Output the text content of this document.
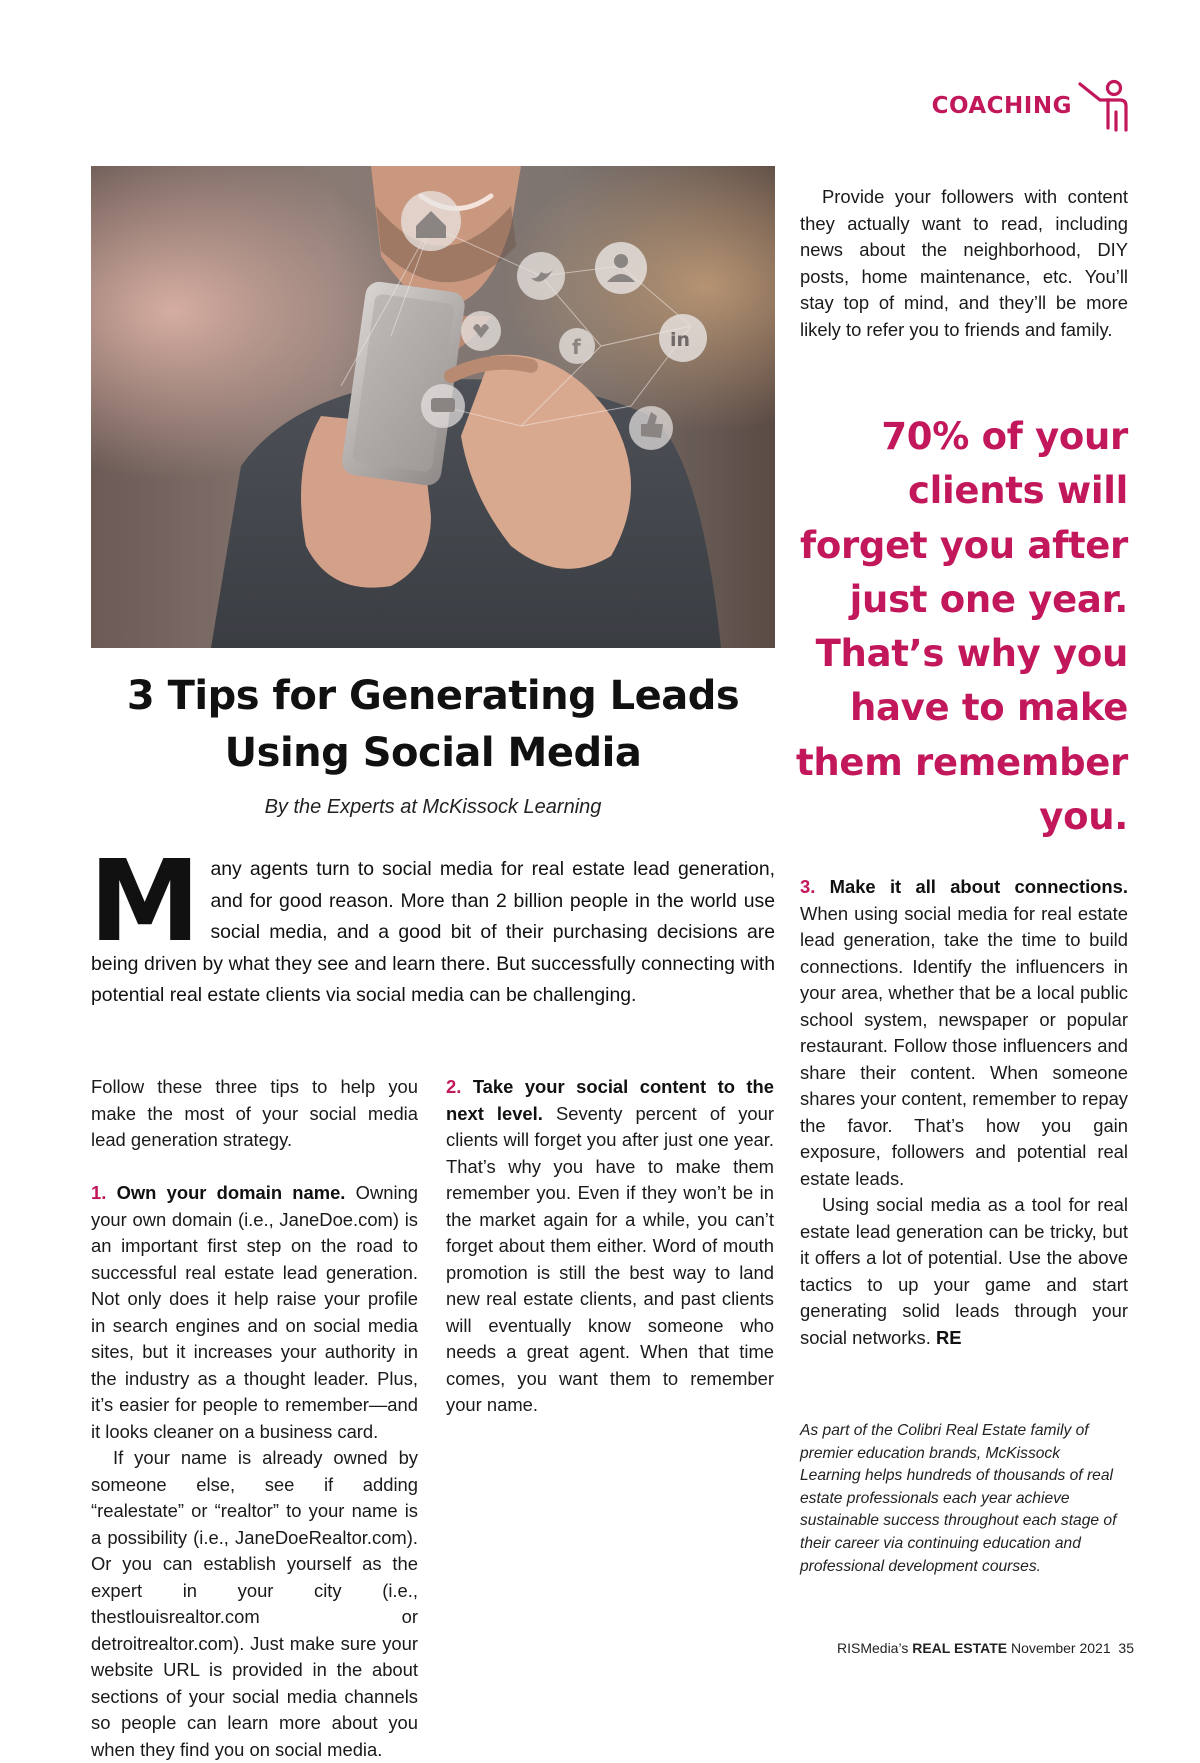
COACHING
f	in
3 Tips for Generating Leads Using Social Media
By the Experts at McKissock Learning

Many agents turn to social media for real estate lead generation, and for good reason. More than 2 billion people in the world use social media, and a good bit of their purchasing decisions are being driven by what they see and learn there. But successfully connecting with potential real estate clients via social media can be challenging.

Follow these three tips to help you make the most of your social media lead generation strategy.

1. Own your domain name. Owning your own domain (i.e., JaneDoe.com) is an important first step on the road to successful real estate lead generation. Not only does it help raise your profile in search engines and on social media sites, but it increases your authority in the industry as a thought leader. Plus, it’s easier for people to remember—and it looks cleaner on a business card.

If your name is already owned by someone else, see if adding “realestate” or “realtor” to your name is a possibility (i.e., JaneDoeRealtor.com). Or you can establish yourself as the expert in your city (i.e., thestlouisrealtor.com or detroitrealtor.com). Just make sure your website URL is provided in the about sections of your social media channels so people can learn more about you when they find you on social media.

2. Take your social content to the next level. Seventy percent of your clients will forget you after just one year. That’s why you have to make them remember you. Even if they won’t be in the market again for a while, you can’t forget about them either. Word of mouth promotion is still the best way to land new real estate clients, and past clients will eventually know someone who needs a great agent. When that time comes, you want them to remember your name.

Provide your followers with content they actually want to read, including news about the neighborhood, DIY posts, home maintenance, etc. You’ll stay top of mind, and they’ll be more likely to refer you to friends and family.

70% of your clients will forget you after just one year. That’s why you have to make them remember you.

3. Make it all about connections. When using social media for real estate lead generation, take the time to build connections. Identify the influencers in your area, whether that be a local public school system, newspaper or popular restaurant. Follow those influencers and share their content. When someone shares your content, remember to repay the favor. That’s how you gain exposure, followers and potential real estate leads.

Using social media as a tool for real estate lead generation can be tricky, but it offers a lot of potential. Use the above tactics to up your game and start generating solid leads through your social networks. RE

As part of the Colibri Real Estate family of premier education brands, McKissock Learning helps hundreds of thousands of real estate professionals each year achieve sustainable success throughout each stage of their career via continuing education and professional development courses.

RISMedia’s REAL ESTATE November 2021 35
